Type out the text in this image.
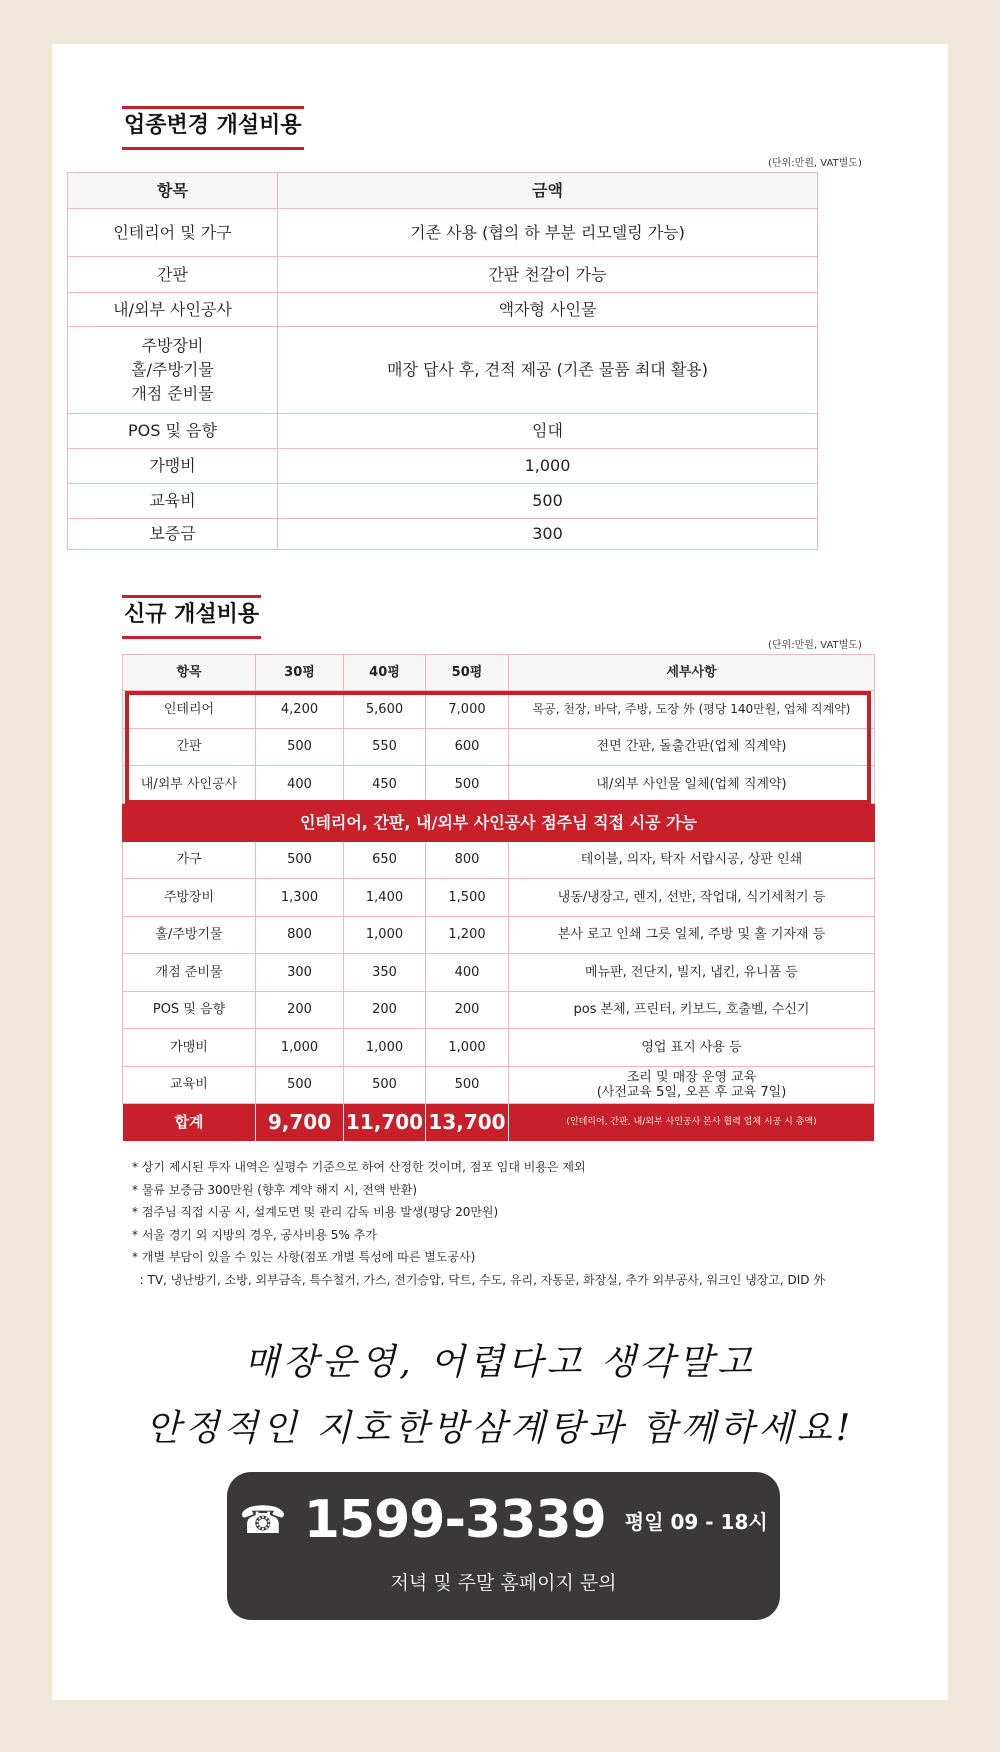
업종변경 개설비용
(단위:만원, VAT별도)
항목	금액
인테리어 및 가구	기존 사용 (협의 하 부분 리모델링 가능)
간판	간판 천갈이 가능
내/외부 사인공사	액자형 사인물

주방장비
홀/주방기물
개점 준비물	매장 답사 후, 견적 제공 (기존 물품 최대 활용)
POS 및 음향	임대
가맹비	1,000
교육비	500
보증금	300
신규 개설비용
(단위:만원, VAT별도)
항목	30평	40평	50평	세부사항
인테리어	4,200	5,600	7,000	목공, 천장, 바닥, 주방, 도장 外 (평당 140만원, 업체 직계약)
간판	500	550	600	전면 간판, 돌출간판(업체 직계약)
내/외부 사인공사	400	450	500	내/외부 사인물 일체(업체 직계약)
인테리어, 간판, 내/외부 사인공사 점주님 직접 시공 가능				
가구	500	650	800	테이블, 의자, 탁자 서랍시공, 상판 인쇄
주방장비	1,300	1,400	1,500	냉동/냉장고, 렌지, 선반, 작업대, 식기세척기 등
홀/주방기물	800	1,000	1,200	본사 로고 인쇄 그릇 일체, 주방 및 홀 기자재 등
개점 준비물	300	350	400	메뉴판, 전단지, 빌지, 냅킨, 유니폼 등
POS 및 음향	200	200	200	pos 본체, 프린터, 키보드, 호출벨, 수신기
가맹비	1,000	1,000	1,000	영업 표지 사용 등
교육비	500	500	500	조리 및 매장 운영 교육
(사전교육 5일, 오픈 후 교육 7일)

합계	9,700	11,700	13,700	(인테리어, 간판, 내/외부 사인공사 본사 협력 업체 시공 시 총액)
* 상기 제시된 투자 내역은 실평수 기준으로 하여 산정한 것이며, 점포 임대 비용은 제외
* 물류 보증금 300만원 (향후 계약 해지 시, 전액 반환)
* 점주님 직접 시공 시, 설계도면 및 관리 감독 비용 발생(평당 20만원)
* 서울 경기 외 지방의 경우, 공사비용 5% 추가
* 개별 부담이 있을 수 있는 사항(점포 개별 특성에 따른 별도공사)
: TV, 냉난방기, 소방, 외부금속, 특수철거, 가스, 전기승압, 닥트, 수도, 유리, 자동문, 화장실, 추가 외부공사, 워크인 냉장고, DID 外
매장운영, 어렵다고 생각말고
안정적인 지호한방삼계탕과 함께하세요!
☎ 1599-3339 평일 09 - 18시
저녁 및 주말 홈페이지 문의
